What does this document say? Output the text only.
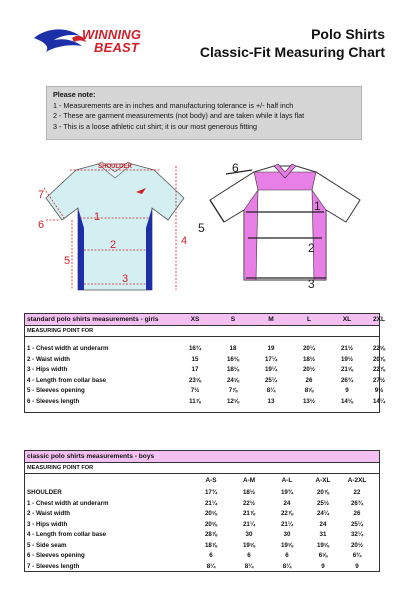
WINNING
BEAST
Polo Shirts
Classic-Fit Measuring Chart
Please note:
1 - Measurements are in inches and manufacturing tolerance is +/- half inch
2 - These are garment measurements (not body) and are taken while it lays flat
3 - This is a loose athletic cut shirt; it is our most generous fitting
SHOULDER
7
1
6
2
5
3
4
6
5
1
2
3
standard polo shirts measurements - girls	XS	S	M	L	XL	2XL
MEASURING POINT FOR
1 - Chest width at underarm	16¾	18	19	20¼	21½	22⅝
2 - Waist width	15	16⅛	17¼	18½	19½	20⅞
3 - Hips width	17	18⅛	19¼	20½	21⅝	22⅞
4 - Length from collar base	23⅝	24⅝	25¼	26	26¾	27½
5 - Sleeves opening	7½	7⅞	8¼	8⅝	9	9½
6 - Sleeves length	11⅞	12⅝	13	13½	14⅛	14¼
classic polo shirts measurements - boys
MEASURING POINT FOR
A-S	A-M	A-L	A-XL	A-2XL
SHOULDER	17¾	18½	19¾	20⅞	22
1 - Chest width at underarm	21¼	22½	24	25½	26¾
2 - Waist width	20⅝	21⅞	22⅞	24¼	26
3 - Hips width	20⅝	21¼	21¼	24	25¼
4 - Length from collar base	28⅞	30	30	31	32¼
5 - Side seam	18⅞	19⅝	19⅝	19⅝	20½
6 - Sleeves opening	6	6	6	6⅝	6¾
7 - Sleeves length	8¼	8¼	8¼	9	9
